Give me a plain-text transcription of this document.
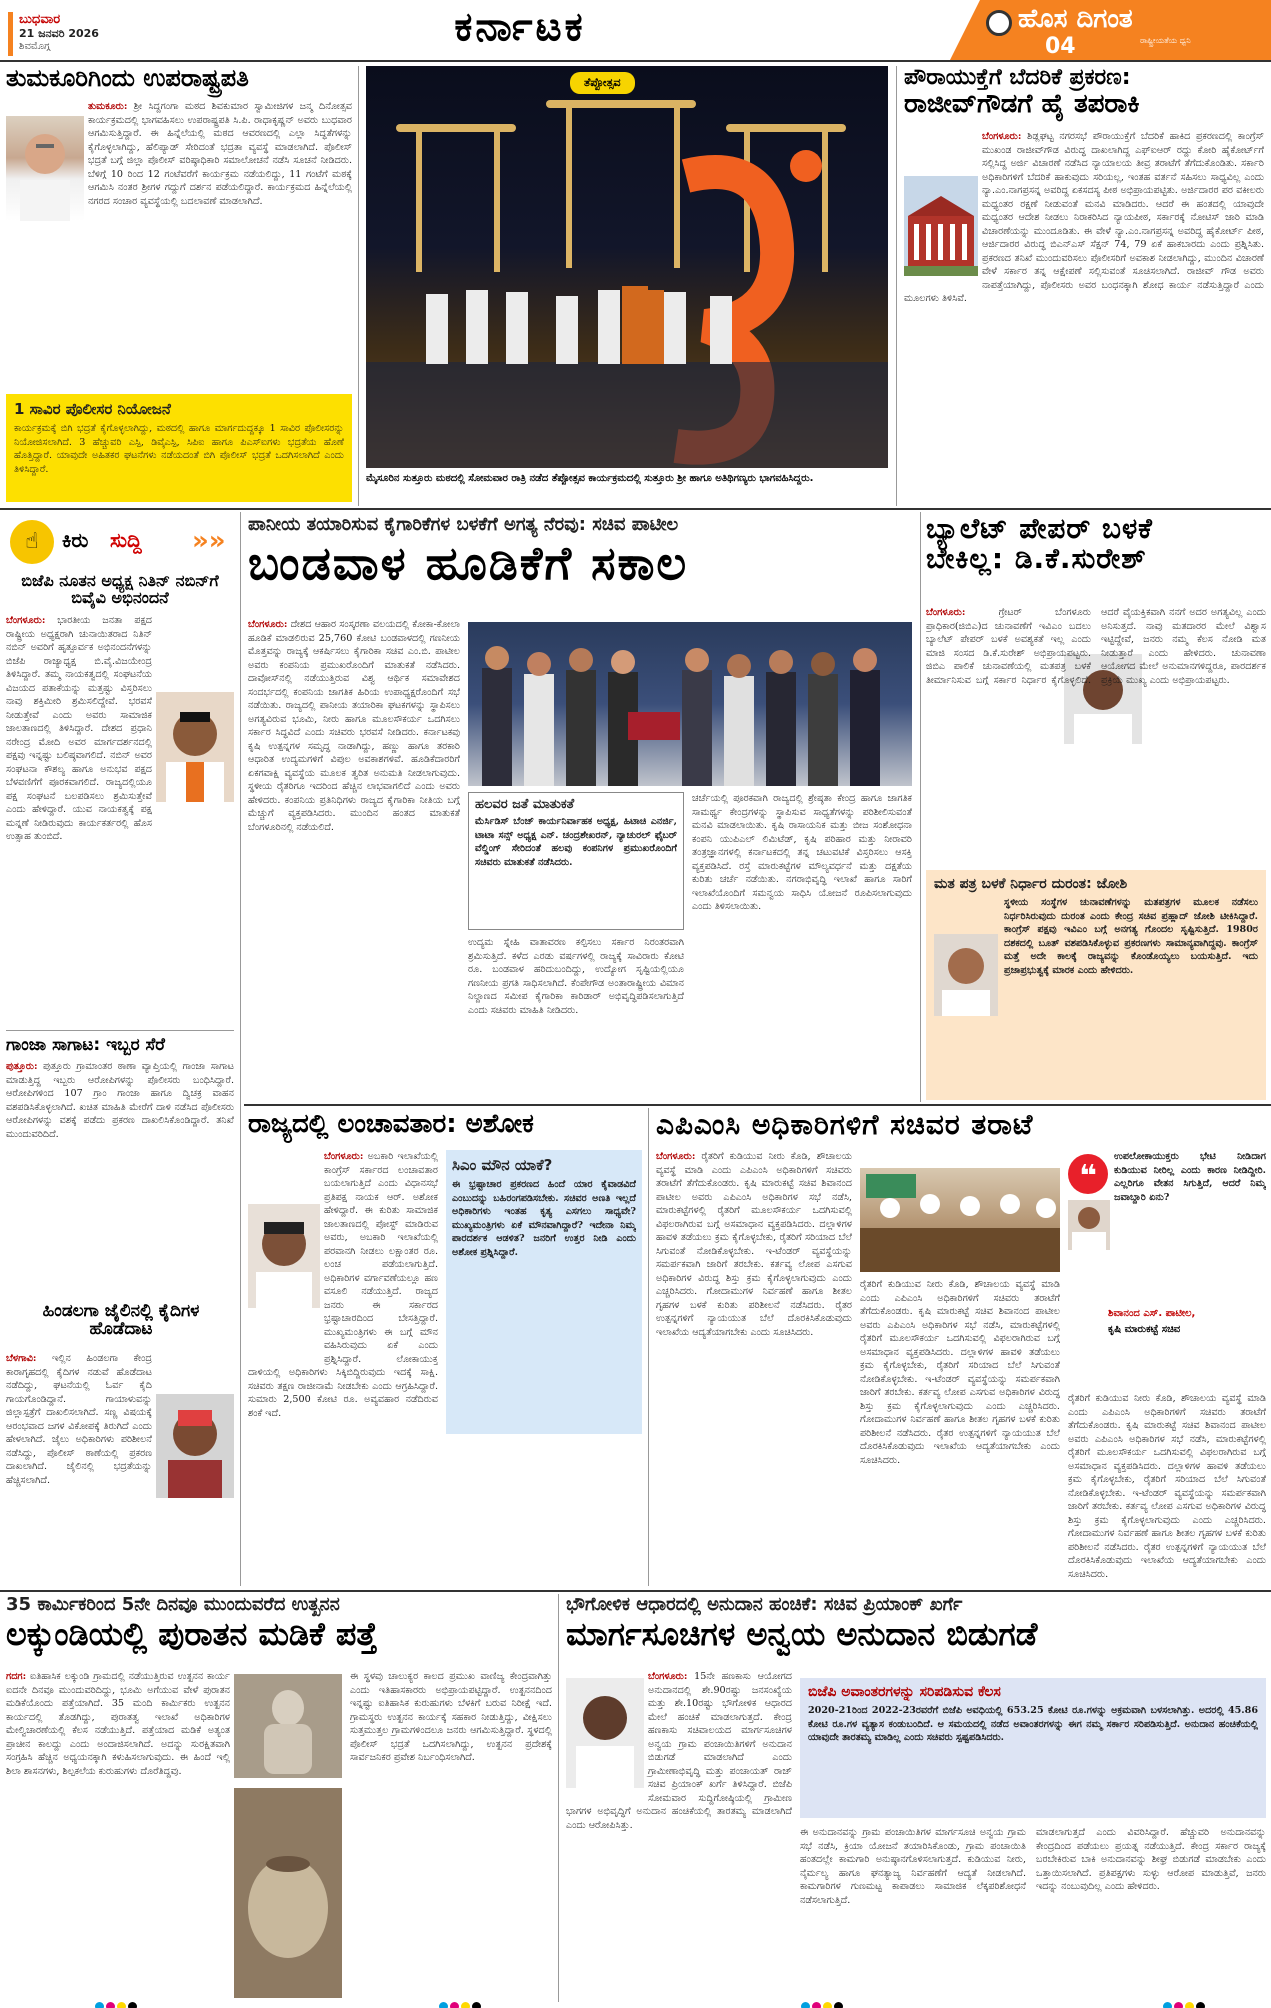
ಬುಧವಾರ
21 ಜನವರಿ 2026
ಶಿವಮೊಗ್ಗ	ಕರ್ನಾಟಕ	ಹೊಸ ದಿಗಂತ
ರಾಷ್ಟ್ರೀಯತೆಯ ಧ್ವನಿ
04
ತುಮಕೂರಿಗಿಂದು ಉಪರಾಷ್ಟ್ರಪತಿ
ತುಮಕೂರು: ಶ್ರೀ ಸಿದ್ದಗಂಗಾ ಮಠದ ಶಿವಕುಮಾರ ಸ್ವಾಮೀಜಿಗಳ ಜನ್ಮ ದಿನೋತ್ಸವ ಕಾರ್ಯಕ್ರಮದಲ್ಲಿ ಭಾಗವಹಿಸಲು ಉಪರಾಷ್ಟ್ರಪತಿ ಸಿ.ಪಿ. ರಾಧಾಕೃಷ್ಣನ್ ಅವರು ಬುಧವಾರ ಆಗಮಿಸುತ್ತಿದ್ದಾರೆ. ಈ ಹಿನ್ನೆಲೆಯಲ್ಲಿ ಮಠದ ಆವರಣದಲ್ಲಿ ಎಲ್ಲಾ ಸಿದ್ಧತೆಗಳನ್ನು ಕೈಗೊಳ್ಳಲಾಗಿದ್ದು, ಹೆಲಿಪ್ಯಾಡ್ ಸೇರಿದಂತೆ ಭದ್ರತಾ ವ್ಯವಸ್ಥೆ ಮಾಡಲಾಗಿದೆ. ಪೊಲೀಸ್ ಭದ್ರತೆ ಬಗ್ಗೆ ಜಿಲ್ಲಾ ಪೊಲೀಸ್ ವರಿಷ್ಠಾಧಿಕಾರಿ ಸಮಾಲೋಚನೆ ನಡೆಸಿ ಸೂಚನೆ ನೀಡಿದರು. ಬೆಳಿಗ್ಗೆ 10 ರಿಂದ 12 ಗಂಟೆವರೆಗೆ ಕಾರ್ಯಕ್ರಮ ನಡೆಯಲಿದ್ದು, 11 ಗಂಟೆಗೆ ಮಠಕ್ಕೆ ಆಗಮಿಸಿ ನಂತರ ಶ್ರೀಗಳ ಗದ್ದುಗೆ ದರ್ಶನ ಪಡೆಯಲಿದ್ದಾರೆ. ಕಾರ್ಯಕ್ರಮದ ಹಿನ್ನೆಲೆಯಲ್ಲಿ ನಗರದ ಸಂಚಾರ ವ್ಯವಸ್ಥೆಯಲ್ಲಿ ಬದಲಾವಣೆ ಮಾಡಲಾಗಿದೆ.
1 ಸಾವಿರ ಪೊಲೀಸರ ನಿಯೋಜನೆ
ಕಾರ್ಯಕ್ರಮಕ್ಕೆ ಬಿಗಿ ಭದ್ರತೆ ಕೈಗೊಳ್ಳಲಾಗಿದ್ದು, ಮಠದಲ್ಲಿ ಹಾಗೂ ಮಾರ್ಗದುದ್ದಕ್ಕೂ 1 ಸಾವಿರ ಪೊಲೀಸರನ್ನು ನಿಯೋಜಿಸಲಾಗಿದೆ. 3 ಹೆಚ್ಚುವರಿ ಎಸ್ಪಿ, ಡಿವೈಎಸ್ಪಿ, ಸಿಪಿಐ ಹಾಗೂ ಪಿಎಸ್ಐಗಳು ಭದ್ರತೆಯ ಹೊಣೆ ಹೊತ್ತಿದ್ದಾರೆ. ಯಾವುದೇ ಅಹಿತಕರ ಘಟನೆಗಳು ನಡೆಯದಂತೆ ಬಿಗಿ ಪೊಲೀಸ್ ಭದ್ರತೆ ಒದಗಿಸಲಾಗಿದೆ ಎಂದು ತಿಳಿಸಿದ್ದಾರೆ.
ತೆಪ್ಪೋತ್ಸವ
ಮೈಸೂರಿನ ಸುತ್ತೂರು ಮಠದಲ್ಲಿ ಸೋಮವಾರ ರಾತ್ರಿ ನಡೆದ ತೆಪ್ಪೋತ್ಸವ ಕಾರ್ಯಕ್ರಮದಲ್ಲಿ ಸುತ್ತೂರು ಶ್ರೀ ಹಾಗೂ ಅತಿಥಿಗಣ್ಯರು ಭಾಗವಹಿಸಿದ್ದರು.
ಪೌರಾಯುಕ್ತೆಗೆ ಬೆದರಿಕೆ ಪ್ರಕರಣ:
ರಾಜೀವ್‌ಗೌಡಗೆ ಹೈ ತಪರಾಕಿ
ಬೆಂಗಳೂರು: ಶಿಡ್ಲಘಟ್ಟ ನಗರಸಭೆ ಪೌರಾಯುಕ್ತೆಗೆ ಬೆದರಿಕೆ ಹಾಕಿದ ಪ್ರಕರಣದಲ್ಲಿ ಕಾಂಗ್ರೆಸ್ ಮುಖಂಡ ರಾಜೀವ್‌ಗೌಡ ವಿರುದ್ಧ ದಾಖಲಾಗಿದ್ದ ಎಫ್‌ಐಆರ್ ರದ್ದು ಕೋರಿ ಹೈಕೋರ್ಟ್‌ಗೆ ಸಲ್ಲಿಸಿದ್ದ ಅರ್ಜಿ ವಿಚಾರಣೆ ನಡೆಸಿದ ನ್ಯಾಯಾಲಯ ತೀವ್ರ ತರಾಟೆಗೆ ತೆಗೆದುಕೊಂಡಿತು. ಸರ್ಕಾರಿ ಅಧಿಕಾರಿಗಳಿಗೆ ಬೆದರಿಕೆ ಹಾಕುವುದು ಸರಿಯಲ್ಲ, ಇಂತಹ ವರ್ತನೆ ಸಹಿಸಲು ಸಾಧ್ಯವಿಲ್ಲ ಎಂದು ನ್ಯಾ.ಎಂ.ನಾಗಪ್ರಸನ್ನ ಅವರಿದ್ದ ಏಕಸದಸ್ಯ ಪೀಠ ಅಭಿಪ್ರಾಯಪಟ್ಟಿತು. ಅರ್ಜಿದಾರರ ಪರ ವಕೀಲರು ಮಧ್ಯಂತರ ರಕ್ಷಣೆ ನೀಡುವಂತೆ ಮನವಿ ಮಾಡಿದರು. ಆದರೆ ಈ ಹಂತದಲ್ಲಿ ಯಾವುದೇ ಮಧ್ಯಂತರ ಆದೇಶ ನೀಡಲು ನಿರಾಕರಿಸಿದ ನ್ಯಾಯಪೀಠ, ಸರ್ಕಾರಕ್ಕೆ ನೋಟಿಸ್ ಜಾರಿ ಮಾಡಿ ವಿಚಾರಣೆಯನ್ನು ಮುಂದೂಡಿತು. ಈ ವೇಳೆ ನ್ಯಾ.ಎಂ.ನಾಗಪ್ರಸನ್ನ ಅವರಿದ್ದ ಹೈಕೋರ್ಟ್ ಪೀಠ, ಆರ್ಜಿದಾರರ ವಿರುದ್ಧ ಬಿಎನ್‌ಎಸ್ ಸೆಕ್ಷನ್ 74, 79 ಏಕೆ ಹಾಕಬಾರದು ಎಂದು ಪ್ರಶ್ನಿಸಿತು. ಪ್ರಕರಣದ ತನಿಖೆ ಮುಂದುವರಿಸಲು ಪೊಲೀಸರಿಗೆ ಅವಕಾಶ ನೀಡಲಾಗಿದ್ದು, ಮುಂದಿನ ವಿಚಾರಣೆ ವೇಳೆ ಸರ್ಕಾರ ತನ್ನ ಆಕ್ಷೇಪಣೆ ಸಲ್ಲಿಸುವಂತೆ ಸೂಚಿಸಲಾಗಿದೆ. ರಾಜೀವ್ ಗೌಡ ಅವರು ನಾಪತ್ತೆಯಾಗಿದ್ದು, ಪೊಲೀಸರು ಅವರ ಬಂಧನಕ್ಕಾಗಿ ಶೋಧ ಕಾರ್ಯ ನಡೆಸುತ್ತಿದ್ದಾರೆ ಎಂದು ಮೂಲಗಳು ತಿಳಿಸಿವೆ.
☝	ಕಿರು ಸುದ್ದಿ »»
ಬಿಜೆಪಿ ನೂತನ ಅಧ್ಯಕ್ಷ ನಿತಿನ್ ನಬಿನ್‌ಗೆ ಬಿವೈವಿ ಅಭಿನಂದನೆ
ಬೆಂಗಳೂರು: ಭಾರತೀಯ ಜನತಾ ಪಕ್ಷದ ರಾಷ್ಟ್ರೀಯ ಅಧ್ಯಕ್ಷರಾಗಿ ಚುನಾಯಿತರಾದ ನಿತಿನ್ ನಬಿನ್ ಅವರಿಗೆ ಹೃತ್ಪೂರ್ವಕ ಅಭಿನಂದನೆಗಳನ್ನು ಬಿಜೆಪಿ ರಾಜ್ಯಾಧ್ಯಕ್ಷ ಬಿ.ವೈ.ವಿಜಯೇಂದ್ರ ತಿಳಿಸಿದ್ದಾರೆ. ತಮ್ಮ ನಾಯಕತ್ವದಲ್ಲಿ ಸಂಘಟನೆಯ ವಿಜಯದ ಪತಾಕೆಯನ್ನು ಮತ್ತಷ್ಟು ವಿಸ್ತರಿಸಲು ನಾವು ಶಕ್ತಿಮೀರಿ ಶ್ರಮಿಸಲಿದ್ದೇವೆ. ಭರವಸೆ ನೀಡುತ್ತೇವೆ ಎಂದು ಅವರು ಸಾಮಾಜಿಕ ಜಾಲತಾಣದಲ್ಲಿ ತಿಳಿಸಿದ್ದಾರೆ. ದೇಶದ ಪ್ರಧಾನಿ ನರೇಂದ್ರ ಮೋದಿ ಅವರ ಮಾರ್ಗದರ್ಶನದಲ್ಲಿ ಪಕ್ಷವು ಇನ್ನಷ್ಟು ಬಲಿಷ್ಠವಾಗಲಿದೆ. ನಬಿನ್ ಅವರ ಸಂಘಟನಾ ಕೌಶಲ್ಯ ಹಾಗೂ ಅನುಭವ ಪಕ್ಷದ ಬೆಳವಣಿಗೆಗೆ ಪೂರಕವಾಗಲಿದೆ. ರಾಜ್ಯದಲ್ಲಿಯೂ ಪಕ್ಷ ಸಂಘಟನೆ ಬಲಪಡಿಸಲು ಶ್ರಮಿಸುತ್ತೇವೆ ಎಂದು ಹೇಳಿದ್ದಾರೆ. ಯುವ ನಾಯಕತ್ವಕ್ಕೆ ಪಕ್ಷ ಮನ್ನಣೆ ನೀಡಿರುವುದು ಕಾರ್ಯಕರ್ತರಲ್ಲಿ ಹೊಸ ಉತ್ಸಾಹ ತುಂಬಿದೆ.
ಗಾಂಜಾ ಸಾಗಾಟ: ಇಬ್ಬರ ಸೆರೆ
ಪುತ್ತೂರು: ಪುತ್ತೂರು ಗ್ರಾಮಾಂತರ ಠಾಣಾ ವ್ಯಾಪ್ತಿಯಲ್ಲಿ ಗಾಂಜಾ ಸಾಗಾಟ ಮಾಡುತ್ತಿದ್ದ ಇಬ್ಬರು ಆರೋಪಿಗಳನ್ನು ಪೊಲೀಸರು ಬಂಧಿಸಿದ್ದಾರೆ. ಆರೋಪಿಗಳಿಂದ 107 ಗ್ರಾಂ ಗಾಂಜಾ ಹಾಗೂ ದ್ವಿಚಕ್ರ ವಾಹನ ವಶಪಡಿಸಿಕೊಳ್ಳಲಾಗಿದೆ. ಖಚಿತ ಮಾಹಿತಿ ಮೇರೆಗೆ ದಾಳಿ ನಡೆಸಿದ ಪೊಲೀಸರು ಆರೋಪಿಗಳನ್ನು ವಶಕ್ಕೆ ಪಡೆದು ಪ್ರಕರಣ ದಾಖಲಿಸಿಕೊಂಡಿದ್ದಾರೆ. ತನಿಖೆ ಮುಂದುವರಿದಿದೆ.
ಹಿಂಡಲಗಾ ಜೈಲಿನಲ್ಲಿ ಕೈದಿಗಳ ಹೊಡೆದಾಟ
ಬೆಳಗಾವಿ: ಇಲ್ಲಿನ ಹಿಂಡಲಗಾ ಕೇಂದ್ರ ಕಾರಾಗೃಹದಲ್ಲಿ ಕೈದಿಗಳ ನಡುವೆ ಹೊಡೆದಾಟ ನಡೆದಿದ್ದು, ಘಟನೆಯಲ್ಲಿ ಓರ್ವ ಕೈದಿ ಗಾಯಗೊಂಡಿದ್ದಾನೆ. ಗಾಯಾಳುವನ್ನು ಜಿಲ್ಲಾಸ್ಪತ್ರೆಗೆ ದಾಖಲಿಸಲಾಗಿದೆ. ಸಣ್ಣ ವಿಷಯಕ್ಕೆ ಆರಂಭವಾದ ಜಗಳ ವಿಕೋಪಕ್ಕೆ ತಿರುಗಿದೆ ಎಂದು ಹೇಳಲಾಗಿದೆ. ಜೈಲು ಅಧಿಕಾರಿಗಳು ಪರಿಶೀಲನೆ ನಡೆಸಿದ್ದು, ಪೊಲೀಸ್ ಠಾಣೆಯಲ್ಲಿ ಪ್ರಕರಣ ದಾಖಲಾಗಿದೆ. ಜೈಲಿನಲ್ಲಿ ಭದ್ರತೆಯನ್ನು ಹೆಚ್ಚಿಸಲಾಗಿದೆ.
ಪಾನೀಯ ತಯಾರಿಸುವ ಕೈಗಾರಿಕೆಗಳ ಬಳಕೆಗೆ ಅಗತ್ಯ ನೆರವು: ಸಚಿವ ಪಾಟೀಲ
ಬಂಡವಾಳ ಹೂಡಿಕೆಗೆ ಸಕಾಲ
ಬೆಂಗಳೂರು: ದೇಶದ ಆಹಾರ ಸಂಸ್ಕರಣಾ ವಲಯದಲ್ಲಿ ಕೋಕಾ-ಕೋಲಾ ಹೂಡಿಕೆ ಮಾಡಲಿರುವ 25,760 ಕೋಟಿ ಬಂಡವಾಳದಲ್ಲಿ ಗಣನೀಯ ಮೊತ್ತವನ್ನು ರಾಜ್ಯಕ್ಕೆ ಆಕರ್ಷಿಸಲು ಕೈಗಾರಿಕಾ ಸಚಿವ ಎಂ.ಬಿ. ಪಾಟೀಲ ಅವರು ಕಂಪನಿಯ ಪ್ರಮುಖರೊಂದಿಗೆ ಮಾತುಕತೆ ನಡೆಸಿದರು. ದಾವೋಸ್‌ನಲ್ಲಿ ನಡೆಯುತ್ತಿರುವ ವಿಶ್ವ ಆರ್ಥಿಕ ಸಮಾವೇಶದ ಸಂದರ್ಭದಲ್ಲಿ ಕಂಪನಿಯ ಜಾಗತಿಕ ಹಿರಿಯ ಉಪಾಧ್ಯಕ್ಷರೊಂದಿಗೆ ಸಭೆ ನಡೆಯಿತು. ರಾಜ್ಯದಲ್ಲಿ ಪಾನೀಯ ತಯಾರಿಕಾ ಘಟಕಗಳನ್ನು ಸ್ಥಾಪಿಸಲು ಅಗತ್ಯವಿರುವ ಭೂಮಿ, ನೀರು ಹಾಗೂ ಮೂಲಸೌಕರ್ಯ ಒದಗಿಸಲು ಸರ್ಕಾರ ಸಿದ್ಧವಿದೆ ಎಂದು ಸಚಿವರು ಭರವಸೆ ನೀಡಿದರು. ಕರ್ನಾಟಕವು ಕೃಷಿ ಉತ್ಪನ್ನಗಳ ಸಮೃದ್ಧ ನಾಡಾಗಿದ್ದು, ಹಣ್ಣು ಹಾಗೂ ತರಕಾರಿ ಆಧಾರಿತ ಉದ್ಯಮಗಳಿಗೆ ವಿಪುಲ ಅವಕಾಶಗಳಿವೆ. ಹೂಡಿಕೆದಾರರಿಗೆ ಏಕಗವಾಕ್ಷಿ ವ್ಯವಸ್ಥೆಯ ಮೂಲಕ ತ್ವರಿತ ಅನುಮತಿ ನೀಡಲಾಗುವುದು. ಸ್ಥಳೀಯ ರೈತರಿಗೂ ಇದರಿಂದ ಹೆಚ್ಚಿನ ಲಾಭವಾಗಲಿದೆ ಎಂದು ಅವರು ಹೇಳಿದರು. ಕಂಪನಿಯ ಪ್ರತಿನಿಧಿಗಳು ರಾಜ್ಯದ ಕೈಗಾರಿಕಾ ನೀತಿಯ ಬಗ್ಗೆ ಮೆಚ್ಚುಗೆ ವ್ಯಕ್ತಪಡಿಸಿದರು. ಮುಂದಿನ ಹಂತದ ಮಾತುಕತೆ ಬೆಂಗಳೂರಿನಲ್ಲಿ ನಡೆಯಲಿದೆ.
ಹಲವರ ಜತೆ ಮಾತುಕತೆ
ಮೆರ್ಸಿಡಿಸ್ ಬೆಂಜ್ ಕಾರ್ಯನಿರ್ವಾಹಕ ಅಧ್ಯಕ್ಷ, ಹಿಟಾಚಿ ಎನರ್ಜಿ, ಟಾಟಾ ಸನ್ಸ್ ಅಧ್ಯಕ್ಷ ಎನ್. ಚಂದ್ರಶೇಖರನ್, ನ್ಯಾಚುರಲ್ ಫೈಬರ್ ವೆಲ್ಡಿಂಗ್ ಸೇರಿದಂತೆ ಹಲವು ಕಂಪನಿಗಳ ಪ್ರಮುಖರೊಂದಿಗೆ ಸಚಿವರು ಮಾತುಕತೆ ನಡೆಸಿದರು.
ಉದ್ಯಮ ಸ್ನೇಹಿ ವಾತಾವರಣ ಕಲ್ಪಿಸಲು ಸರ್ಕಾರ ನಿರಂತರವಾಗಿ ಶ್ರಮಿಸುತ್ತಿದೆ. ಕಳೆದ ಎರಡು ವರ್ಷಗಳಲ್ಲಿ ರಾಜ್ಯಕ್ಕೆ ಸಾವಿರಾರು ಕೋಟಿ ರೂ. ಬಂಡವಾಳ ಹರಿದುಬಂದಿದ್ದು, ಉದ್ಯೋಗ ಸೃಷ್ಟಿಯಲ್ಲಿಯೂ ಗಣನೀಯ ಪ್ರಗತಿ ಸಾಧಿಸಲಾಗಿದೆ. ಕೆಂಪೇಗೌಡ ಅಂತಾರಾಷ್ಟ್ರೀಯ ವಿಮಾನ ನಿಲ್ದಾಣದ ಸಮೀಪ ಕೈಗಾರಿಕಾ ಕಾರಿಡಾರ್ ಅಭಿವೃದ್ಧಿಪಡಿಸಲಾಗುತ್ತಿದೆ ಎಂದು ಸಚಿವರು ಮಾಹಿತಿ ನೀಡಿದರು.
ಚರ್ಚೆಯಲ್ಲಿ ಪೂರಕವಾಗಿ ರಾಜ್ಯದಲ್ಲಿ ಶ್ರೇಷ್ಠತಾ ಕೇಂದ್ರ ಹಾಗೂ ಜಾಗತಿಕ ಸಾಮರ್ಥ್ಯ ಕೇಂದ್ರಗಳನ್ನು ಸ್ಥಾಪಿಸುವ ಸಾಧ್ಯತೆಗಳನ್ನು ಪರಿಶೀಲಿಸುವಂತೆ ಮನವಿ ಮಾಡಲಾಯಿತು. ಕೃಷಿ ರಾಸಾಯನಿಕ ಮತ್ತು ಬೀಜ ಸಂಶೋಧನಾ ಕಂಪನಿ ಯುಪಿಎಲ್ ಲಿಮಿಟೆಡ್, ಕೃಷಿ ಪರಿಹಾರ ಮತ್ತು ನೀರಾವರಿ ತಂತ್ರಜ್ಞಾನಗಳಲ್ಲಿ ಕರ್ನಾಟಕದಲ್ಲಿ ತನ್ನ ಚಟುವಟಿಕೆ ವಿಸ್ತರಿಸಲು ಆಸಕ್ತಿ ವ್ಯಕ್ತಪಡಿಸಿದೆ. ರಸ್ತೆ ಮಾರುಕಟ್ಟೆಗಳ ಮೌಲ್ಯವರ್ಧನೆ ಮತ್ತು ದಕ್ಷತೆಯ ಕುರಿತು ಚರ್ಚೆ ನಡೆಯಿತು. ನಗರಾಭಿವೃದ್ಧಿ ಇಲಾಖೆ ಹಾಗೂ ಸಾರಿಗೆ ಇಲಾಖೆಯೊಂದಿಗೆ ಸಮನ್ವಯ ಸಾಧಿಸಿ ಯೋಜನೆ ರೂಪಿಸಲಾಗುವುದು ಎಂದು ತಿಳಿಸಲಾಯಿತು.
ಬ್ಯಾಲೆಟ್ ಪೇಪರ್ ಬಳಕೆ
ಬೇಕಿಲ್ಲ: ಡಿ.ಕೆ.ಸುರೇಶ್
ಬೆಂಗಳೂರು:	ಗ್ರೇಟರ್ ಬೆಂಗಳೂರು ಪ್ರಾಧಿಕಾರ(ಜಿಬಿಎ)ದ ಚುನಾವಣೆಗೆ ಇವಿಎಂ ಬದಲು ಬ್ಯಾಲೆಟ್ ಪೇಪರ್ ಬಳಕೆ ಅವಶ್ಯಕತೆ ಇಲ್ಲ ಎಂದು ಮಾಜಿ ಸಂಸದ ಡಿ.ಕೆ.ಸುರೇಶ್ ಅಭಿಪ್ರಾಯಪಟ್ಟರು. ಜಿಬಿಎ ಪಾಲಿಕೆ ಚುನಾವಣೆಯಲ್ಲಿ ಮತಪತ್ರ ಬಳಕೆ ತೀರ್ಮಾನಿಸುವ ಬಗ್ಗೆ ಸರ್ಕಾರ ನಿರ್ಧಾರ ಕೈಗೊಳ್ಳಲಿದೆ. ಆದರೆ ವೈಯಕ್ತಿಕವಾಗಿ ನನಗೆ ಅದರ ಅಗತ್ಯವಿಲ್ಲ ಎಂದು ಅನಿಸುತ್ತದೆ. ನಾವು ಮತದಾರರ ಮೇಲೆ ವಿಶ್ವಾಸ ಇಟ್ಟಿದ್ದೇವೆ, ಜನರು ನಮ್ಮ ಕೆಲಸ ನೋಡಿ ಮತ ನೀಡುತ್ತಾರೆ ಎಂದು ಹೇಳಿದರು. ಚುನಾವಣಾ ಆಯೋಗದ ಮೇಲೆ ಅನುಮಾನಗಳಿದ್ದರೂ, ಪಾರದರ್ಶಕ ಪ್ರಕ್ರಿಯೆ ಮುಖ್ಯ ಎಂದು ಅಭಿಪ್ರಾಯಪಟ್ಟರು.
ಮತ ಪತ್ರ ಬಳಕೆ ನಿರ್ಧಾರ ದುರಂತ: ಜೋಶಿ
ಸ್ಥಳೀಯ ಸಂಸ್ಥೆಗಳ ಚುನಾವಣೆಗಳನ್ನು ಮತಪತ್ರಗಳ ಮೂಲಕ ನಡೆಸಲು ನಿರ್ಧರಿಸಿರುವುದು ದುರಂತ ಎಂದು ಕೇಂದ್ರ ಸಚಿವ ಪ್ರಹ್ಲಾದ್ ಜೋಶಿ ಟೀಕಿಸಿದ್ದಾರೆ. ಕಾಂಗ್ರೆಸ್ ಪಕ್ಷವು ಇವಿಎಂ ಬಗ್ಗೆ ಅನಗತ್ಯ ಗೊಂದಲ ಸೃಷ್ಟಿಸುತ್ತಿದೆ. 1980ರ ದಶಕದಲ್ಲಿ ಬೂತ್ ವಶಪಡಿಸಿಕೊಳ್ಳುವ ಪ್ರಕರಣಗಳು ಸಾಮಾನ್ಯವಾಗಿದ್ದವು. ಕಾಂಗ್ರೆಸ್ ಮತ್ತೆ ಅದೇ ಕಾಲಕ್ಕೆ ರಾಜ್ಯವನ್ನು ಕೊಂಡೊಯ್ಯಲು ಬಯಸುತ್ತಿದೆ. ಇದು ಪ್ರಜಾಪ್ರಭುತ್ವಕ್ಕೆ ಮಾರಕ ಎಂದು ಹೇಳಿದರು.
ರಾಜ್ಯದಲ್ಲಿ ಲಂಚಾವತಾರ: ಅಶೋಕ
ಬೆಂಗಳೂರು: ಅಬಕಾರಿ ಇಲಾಖೆಯಲ್ಲಿ ಕಾಂಗ್ರೆಸ್ ಸರ್ಕಾರದ ಲಂಚಾವತಾರ ಬಯಲಾಗುತ್ತಿದೆ ಎಂದು ವಿಧಾನಸಭೆ ಪ್ರತಿಪಕ್ಷ ನಾಯಕ ಆರ್. ಅಶೋಕ ಹೇಳಿದ್ದಾರೆ. ಈ ಕುರಿತು ಸಾಮಾಜಿಕ ಜಾಲತಾಣದಲ್ಲಿ ಪೋಸ್ಟ್ ಮಾಡಿರುವ ಅವರು, ಅಬಕಾರಿ ಇಲಾಖೆಯಲ್ಲಿ ಪರವಾನಗಿ ನೀಡಲು ಲಕ್ಷಾಂತರ ರೂ. ಲಂಚ ಪಡೆಯಲಾಗುತ್ತಿದೆ. ಅಧಿಕಾರಿಗಳ ವರ್ಗಾವಣೆಯಲ್ಲೂ ಹಣ ವಸೂಲಿ ನಡೆಯುತ್ತಿದೆ. ರಾಜ್ಯದ ಜನರು ಈ ಸರ್ಕಾರದ ಭ್ರಷ್ಟಾಚಾರದಿಂದ ಬೇಸತ್ತಿದ್ದಾರೆ. ಮುಖ್ಯಮಂತ್ರಿಗಳು ಈ ಬಗ್ಗೆ ಮೌನ ವಹಿಸಿರುವುದು ಏಕೆ ಎಂದು ಪ್ರಶ್ನಿಸಿದ್ದಾರೆ. ಲೋಕಾಯುಕ್ತ ದಾಳಿಯಲ್ಲಿ ಅಧಿಕಾರಿಗಳು ಸಿಕ್ಕಿಬಿದ್ದಿರುವುದು ಇದಕ್ಕೆ ಸಾಕ್ಷಿ. ಸಚಿವರು ತಕ್ಷಣ ರಾಜೀನಾಮೆ ನೀಡಬೇಕು ಎಂದು ಆಗ್ರಹಿಸಿದ್ದಾರೆ. ಸುಮಾರು 2,500 ಕೋಟಿ ರೂ. ಅವ್ಯವಹಾರ ನಡೆದಿರುವ ಶಂಕೆ ಇದೆ.
ಸಿಎಂ ಮೌನ ಯಾಕೆ?
ಈ ಭ್ರಷ್ಟಾಚಾರ ಪ್ರಕರಣದ ಹಿಂದೆ ಯಾರ ಕೈವಾಡವಿದೆ ಎಂಬುದನ್ನು ಬಹಿರಂಗಪಡಿಸಬೇಕು. ಸಚಿವರ ಅಣತಿ ಇಲ್ಲದೆ ಅಧಿಕಾರಿಗಳು ಇಂತಹ ಕೃತ್ಯ ಎಸಗಲು ಸಾಧ್ಯವೇ? ಮುಖ್ಯಮಂತ್ರಿಗಳು ಏಕೆ ಮೌನವಾಗಿದ್ದಾರೆ? ಇದೇನಾ ನಿಮ್ಮ ಪಾರದರ್ಶಕ ಆಡಳಿತ? ಜನರಿಗೆ ಉತ್ತರ ನೀಡಿ ಎಂದು ಅಶೋಕ ಪ್ರಶ್ನಿಸಿದ್ದಾರೆ.
ಎಪಿಎಂಸಿ ಅಧಿಕಾರಿಗಳಿಗೆ ಸಚಿವರ ತರಾಟೆ
ಬೆಂಗಳೂರು: ರೈತರಿಗೆ ಕುಡಿಯುವ ನೀರು ಕೊಡಿ, ಶೌಚಾಲಯ ವ್ಯವಸ್ಥೆ ಮಾಡಿ ಎಂದು ಎಪಿಎಂಸಿ ಅಧಿಕಾರಿಗಳಿಗೆ ಸಚಿವರು ತರಾಟೆಗೆ ತೆಗೆದುಕೊಂಡರು. ಕೃಷಿ ಮಾರುಕಟ್ಟೆ ಸಚಿವ ಶಿವಾನಂದ ಪಾಟೀಲ ಅವರು ಎಪಿಎಂಸಿ ಅಧಿಕಾರಿಗಳ ಸಭೆ ನಡೆಸಿ, ಮಾರುಕಟ್ಟೆಗಳಲ್ಲಿ ರೈತರಿಗೆ ಮೂಲಸೌಕರ್ಯ ಒದಗಿಸುವಲ್ಲಿ ವಿಫಲರಾಗಿರುವ ಬಗ್ಗೆ ಅಸಮಾಧಾನ ವ್ಯಕ್ತಪಡಿಸಿದರು. ದಲ್ಲಾಳಿಗಳ ಹಾವಳಿ ತಡೆಯಲು ಕ್ರಮ ಕೈಗೊಳ್ಳಬೇಕು, ರೈತರಿಗೆ ಸರಿಯಾದ ಬೆಲೆ ಸಿಗುವಂತೆ ನೋಡಿಕೊಳ್ಳಬೇಕು. ಇ-ಟೆಂಡರ್ ವ್ಯವಸ್ಥೆಯನ್ನು ಸಮರ್ಪಕವಾಗಿ ಜಾರಿಗೆ ತರಬೇಕು. ಕರ್ತವ್ಯ ಲೋಪ ಎಸಗುವ ಅಧಿಕಾರಿಗಳ ವಿರುದ್ಧ ಶಿಸ್ತು ಕ್ರಮ ಕೈಗೊಳ್ಳಲಾಗುವುದು ಎಂದು ಎಚ್ಚರಿಸಿದರು. ಗೋದಾಮುಗಳ ನಿರ್ವಹಣೆ ಹಾಗೂ ಶೀತಲ ಗೃಹಗಳ ಬಳಕೆ ಕುರಿತು ಪರಿಶೀಲನೆ ನಡೆಸಿದರು. ರೈತರ ಉತ್ಪನ್ನಗಳಿಗೆ ನ್ಯಾಯಯುತ ಬೆಲೆ ದೊರಕಿಸಿಕೊಡುವುದು ಇಲಾಖೆಯ ಆದ್ಯತೆಯಾಗಬೇಕು ಎಂದು ಸೂಚಿಸಿದರು.
ರೈತರಿಗೆ ಕುಡಿಯುವ ನೀರು ಕೊಡಿ, ಶೌಚಾಲಯ ವ್ಯವಸ್ಥೆ ಮಾಡಿ ಎಂದು ಎಪಿಎಂಸಿ ಅಧಿಕಾರಿಗಳಿಗೆ ಸಚಿವರು ತರಾಟೆಗೆ ತೆಗೆದುಕೊಂಡರು. ಕೃಷಿ ಮಾರುಕಟ್ಟೆ ಸಚಿವ ಶಿವಾನಂದ ಪಾಟೀಲ ಅವರು ಎಪಿಎಂಸಿ ಅಧಿಕಾರಿಗಳ ಸಭೆ ನಡೆಸಿ, ಮಾರುಕಟ್ಟೆಗಳಲ್ಲಿ ರೈತರಿಗೆ ಮೂಲಸೌಕರ್ಯ ಒದಗಿಸುವಲ್ಲಿ ವಿಫಲರಾಗಿರುವ ಬಗ್ಗೆ ಅಸಮಾಧಾನ ವ್ಯಕ್ತಪಡಿಸಿದರು. ದಲ್ಲಾಳಿಗಳ ಹಾವಳಿ ತಡೆಯಲು ಕ್ರಮ ಕೈಗೊಳ್ಳಬೇಕು, ರೈತರಿಗೆ ಸರಿಯಾದ ಬೆಲೆ ಸಿಗುವಂತೆ ನೋಡಿಕೊಳ್ಳಬೇಕು. ಇ-ಟೆಂಡರ್ ವ್ಯವಸ್ಥೆಯನ್ನು ಸಮರ್ಪಕವಾಗಿ ಜಾರಿಗೆ ತರಬೇಕು. ಕರ್ತವ್ಯ ಲೋಪ ಎಸಗುವ ಅಧಿಕಾರಿಗಳ ವಿರುದ್ಧ ಶಿಸ್ತು ಕ್ರಮ ಕೈಗೊಳ್ಳಲಾಗುವುದು ಎಂದು ಎಚ್ಚರಿಸಿದರು. ಗೋದಾಮುಗಳ ನಿರ್ವಹಣೆ ಹಾಗೂ ಶೀತಲ ಗೃಹಗಳ ಬಳಕೆ ಕುರಿತು ಪರಿಶೀಲನೆ ನಡೆಸಿದರು. ರೈತರ ಉತ್ಪನ್ನಗಳಿಗೆ ನ್ಯಾಯಯುತ ಬೆಲೆ ದೊರಕಿಸಿಕೊಡುವುದು ಇಲಾಖೆಯ ಆದ್ಯತೆಯಾಗಬೇಕು ಎಂದು ಸೂಚಿಸಿದರು.
❝
ಉಪಲೋಕಾಯುಕ್ತರು ಭೇಟಿ ನೀಡಿದಾಗ ಕುಡಿಯುವ ನೀರಿಲ್ಲ ಎಂದು ಕಾರಣ ನೀಡಿದ್ದೀರಿ. ಎಲ್ಲರಿಗೂ ವೇತನ ಸಿಗುತ್ತಿದೆ, ಆದರೆ ನಿಮ್ಮ ಜವಾಬ್ದಾರಿ ಏನು?
ಶಿವಾನಂದ ಎಸ್. ಪಾಟೀಲ,
ಕೃಷಿ ಮಾರುಕಟ್ಟೆ ಸಚಿವ
ರೈತರಿಗೆ ಕುಡಿಯುವ ನೀರು ಕೊಡಿ, ಶೌಚಾಲಯ ವ್ಯವಸ್ಥೆ ಮಾಡಿ ಎಂದು ಎಪಿಎಂಸಿ ಅಧಿಕಾರಿಗಳಿಗೆ ಸಚಿವರು ತರಾಟೆಗೆ ತೆಗೆದುಕೊಂಡರು. ಕೃಷಿ ಮಾರುಕಟ್ಟೆ ಸಚಿವ ಶಿವಾನಂದ ಪಾಟೀಲ ಅವರು ಎಪಿಎಂಸಿ ಅಧಿಕಾರಿಗಳ ಸಭೆ ನಡೆಸಿ, ಮಾರುಕಟ್ಟೆಗಳಲ್ಲಿ ರೈತರಿಗೆ ಮೂಲಸೌಕರ್ಯ ಒದಗಿಸುವಲ್ಲಿ ವಿಫಲರಾಗಿರುವ ಬಗ್ಗೆ ಅಸಮಾಧಾನ ವ್ಯಕ್ತಪಡಿಸಿದರು. ದಲ್ಲಾಳಿಗಳ ಹಾವಳಿ ತಡೆಯಲು ಕ್ರಮ ಕೈಗೊಳ್ಳಬೇಕು, ರೈತರಿಗೆ ಸರಿಯಾದ ಬೆಲೆ ಸಿಗುವಂತೆ ನೋಡಿಕೊಳ್ಳಬೇಕು. ಇ-ಟೆಂಡರ್ ವ್ಯವಸ್ಥೆಯನ್ನು ಸಮರ್ಪಕವಾಗಿ ಜಾರಿಗೆ ತರಬೇಕು. ಕರ್ತವ್ಯ ಲೋಪ ಎಸಗುವ ಅಧಿಕಾರಿಗಳ ವಿರುದ್ಧ ಶಿಸ್ತು ಕ್ರಮ ಕೈಗೊಳ್ಳಲಾಗುವುದು ಎಂದು ಎಚ್ಚರಿಸಿದರು. ಗೋದಾಮುಗಳ ನಿರ್ವಹಣೆ ಹಾಗೂ ಶೀತಲ ಗೃಹಗಳ ಬಳಕೆ ಕುರಿತು ಪರಿಶೀಲನೆ ನಡೆಸಿದರು. ರೈತರ ಉತ್ಪನ್ನಗಳಿಗೆ ನ್ಯಾಯಯುತ ಬೆಲೆ ದೊರಕಿಸಿಕೊಡುವುದು ಇಲಾಖೆಯ ಆದ್ಯತೆಯಾಗಬೇಕು ಎಂದು ಸೂಚಿಸಿದರು.
35 ಕಾರ್ಮಿಕರಿಂದ 5ನೇ ದಿನವೂ ಮುಂದುವರೆದ ಉತ್ಖನನ
ಲಕ್ಕುಂಡಿಯಲ್ಲಿ ಪುರಾತನ ಮಡಿಕೆ ಪತ್ತೆ
ಗದಗ: ಐತಿಹಾಸಿಕ ಲಕ್ಕುಂಡಿ ಗ್ರಾಮದಲ್ಲಿ ನಡೆಯುತ್ತಿರುವ ಉತ್ಖನನ ಕಾರ್ಯ ಐದನೇ ದಿನವೂ ಮುಂದುವರಿದಿದ್ದು, ಭೂಮಿ ಅಗೆಯುವ ವೇಳೆ ಪುರಾತನ ಮಡಿಕೆಯೊಂದು ಪತ್ತೆಯಾಗಿದೆ. 35 ಮಂದಿ ಕಾರ್ಮಿಕರು ಉತ್ಖನನ ಕಾರ್ಯದಲ್ಲಿ ತೊಡಗಿದ್ದು, ಪುರಾತತ್ವ ಇಲಾಖೆ ಅಧಿಕಾರಿಗಳ ಮೇಲ್ವಿಚಾರಣೆಯಲ್ಲಿ ಕೆಲಸ ನಡೆಯುತ್ತಿದೆ. ಪತ್ತೆಯಾದ ಮಡಿಕೆ ಅತ್ಯಂತ ಪ್ರಾಚೀನ ಕಾಲದ್ದು ಎಂದು ಅಂದಾಜಿಸಲಾಗಿದೆ. ಅದನ್ನು ಸುರಕ್ಷಿತವಾಗಿ ಸಂಗ್ರಹಿಸಿ ಹೆಚ್ಚಿನ ಅಧ್ಯಯನಕ್ಕಾಗಿ ಕಳುಹಿಸಲಾಗುವುದು. ಈ ಹಿಂದೆ ಇಲ್ಲಿ ಶಿಲಾ ಶಾಸನಗಳು, ಶಿಲ್ಪಕಲೆಯ ಕುರುಹುಗಳು ದೊರೆತಿದ್ದವು.
ಈ ಸ್ಥಳವು ಚಾಲುಕ್ಯರ ಕಾಲದ ಪ್ರಮುಖ ವಾಣಿಜ್ಯ ಕೇಂದ್ರವಾಗಿತ್ತು ಎಂದು ಇತಿಹಾಸಕಾರರು ಅಭಿಪ್ರಾಯಪಟ್ಟಿದ್ದಾರೆ. ಉತ್ಖನನದಿಂದ ಇನ್ನಷ್ಟು ಐತಿಹಾಸಿಕ ಕುರುಹುಗಳು ಬೆಳಕಿಗೆ ಬರುವ ನಿರೀಕ್ಷೆ ಇದೆ. ಗ್ರಾಮಸ್ಥರು ಉತ್ಖನನ ಕಾರ್ಯಕ್ಕೆ ಸಹಕಾರ ನೀಡುತ್ತಿದ್ದು, ವೀಕ್ಷಿಸಲು ಸುತ್ತಮುತ್ತಲ ಗ್ರಾಮಗಳಿಂದಲೂ ಜನರು ಆಗಮಿಸುತ್ತಿದ್ದಾರೆ. ಸ್ಥಳದಲ್ಲಿ ಪೊಲೀಸ್ ಭದ್ರತೆ ಒದಗಿಸಲಾಗಿದ್ದು, ಉತ್ಖನನ ಪ್ರದೇಶಕ್ಕೆ ಸಾರ್ವಜನಿಕರ ಪ್ರವೇಶ ನಿರ್ಬಂಧಿಸಲಾಗಿದೆ.
ಭೌಗೋಳಿಕ ಆಧಾರದಲ್ಲಿ ಅನುದಾನ ಹಂಚಿಕೆ: ಸಚಿವ ಪ್ರಿಯಾಂಕ್ ಖರ್ಗೆ
ಮಾರ್ಗಸೂಚಿಗಳ ಅನ್ವಯ ಅನುದಾನ ಬಿಡುಗಡೆ
ಬೆಂಗಳೂರು: 15ನೇ ಹಣಕಾಸು ಆಯೋಗದ ಅನುದಾನದಲ್ಲಿ ಶೇ.90ರಷ್ಟು ಜನಸಂಖ್ಯೆಯ ಮತ್ತು ಶೇ.10ರಷ್ಟು ಭೌಗೋಳಿಕ ಆಧಾರದ ಮೇಲೆ ಹಂಚಿಕೆ ಮಾಡಲಾಗುತ್ತದೆ. ಕೇಂದ್ರ ಹಣಕಾಸು ಸಚಿವಾಲಯದ ಮಾರ್ಗಸೂಚಿಗಳ ಅನ್ವಯ ಗ್ರಾಮ ಪಂಚಾಯಿತಿಗಳಿಗೆ ಅನುದಾನ ಬಿಡುಗಡೆ ಮಾಡಲಾಗಿದೆ ಎಂದು ಗ್ರಾಮೀಣಾಭಿವೃದ್ಧಿ ಮತ್ತು ಪಂಚಾಯತ್ ರಾಜ್ ಸಚಿವ ಪ್ರಿಯಾಂಕ್ ಖರ್ಗೆ ತಿಳಿಸಿದ್ದಾರೆ. ಬಿಜೆಪಿ ಸೋಮವಾರ ಸುದ್ದಿಗೋಷ್ಠಿಯಲ್ಲಿ ಗ್ರಾಮೀಣ ಭಾಗಗಳ ಅಭಿವೃದ್ಧಿಗೆ ಅನುದಾನ ಹಂಚಿಕೆಯಲ್ಲಿ ತಾರತಮ್ಯ ಮಾಡಲಾಗಿದೆ ಎಂದು ಆರೋಪಿಸಿತ್ತು.
ಬಿಜೆಪಿ ಅವಾಂತರಗಳನ್ನು ಸರಿಪಡಿಸುವ ಕೆಲಸ
2020-21ರಿಂದ 2022-23ರವರೆಗೆ ಬಿಜೆಪಿ ಅವಧಿಯಲ್ಲಿ 653.25 ಕೋಟಿ ರೂ.ಗಳನ್ನು ಅಕ್ರಮವಾಗಿ ಬಳಸಲಾಗಿತ್ತು. ಅದರಲ್ಲಿ 45.86 ಕೋಟಿ ರೂ.ಗಳ ವ್ಯತ್ಯಾಸ ಕಂಡುಬಂದಿದೆ. ಆ ಸಮಯದಲ್ಲಿ ನಡೆದ ಅವಾಂತರಗಳನ್ನು ಈಗ ನಮ್ಮ ಸರ್ಕಾರ ಸರಿಪಡಿಸುತ್ತಿದೆ. ಅನುದಾನ ಹಂಚಿಕೆಯಲ್ಲಿ ಯಾವುದೇ ತಾರತಮ್ಯ ಮಾಡಿಲ್ಲ ಎಂದು ಸಚಿವರು ಸ್ಪಷ್ಟಪಡಿಸಿದರು.
ಈ ಅನುದಾನವನ್ನು ಗ್ರಾಮ ಪಂಚಾಯಿತಿಗಳ ಮಾರ್ಗಸೂಚಿ ಅನ್ವಯ ಗ್ರಾಮ ಸಭೆ ನಡೆಸಿ, ಕ್ರಿಯಾ ಯೋಜನೆ ತಯಾರಿಸಿಕೊಂಡು, ಗ್ರಾಮ ಪಂಚಾಯಿತಿ ಹಂತದಲ್ಲೇ ಕಾಮಗಾರಿ ಅನುಷ್ಠಾನಗೊಳಿಸಲಾಗುತ್ತದೆ. ಕುಡಿಯುವ ನೀರು, ನೈರ್ಮಲ್ಯ ಹಾಗೂ ಘನತ್ಯಾಜ್ಯ ನಿರ್ವಹಣೆಗೆ ಆದ್ಯತೆ ನೀಡಲಾಗಿದೆ. ಕಾಮಗಾರಿಗಳ ಗುಣಮಟ್ಟ ಕಾಪಾಡಲು ಸಾಮಾಜಿಕ ಲೆಕ್ಕಪರಿಶೋಧನೆ ನಡೆಸಲಾಗುತ್ತಿದೆ.
ಮಾಡಲಾಗುತ್ತದೆ ಎಂದು ವಿವರಿಸಿದ್ದಾರೆ. ಹೆಚ್ಚುವರಿ ಅನುದಾನವನ್ನು ಕೇಂದ್ರದಿಂದ ಪಡೆಯಲು ಪ್ರಯತ್ನ ನಡೆಯುತ್ತಿದೆ. ಕೇಂದ್ರ ಸರ್ಕಾರ ರಾಜ್ಯಕ್ಕೆ ಬರಬೇಕಿರುವ ಬಾಕಿ ಅನುದಾನವನ್ನು ಶೀಘ್ರ ಬಿಡುಗಡೆ ಮಾಡಬೇಕು ಎಂದು ಒತ್ತಾಯಿಸಲಾಗಿದೆ. ಪ್ರತಿಪಕ್ಷಗಳು ಸುಳ್ಳು ಆರೋಪ ಮಾಡುತ್ತಿವೆ, ಜನರು ಇದನ್ನು ನಂಬುವುದಿಲ್ಲ ಎಂದು ಹೇಳಿದರು.
